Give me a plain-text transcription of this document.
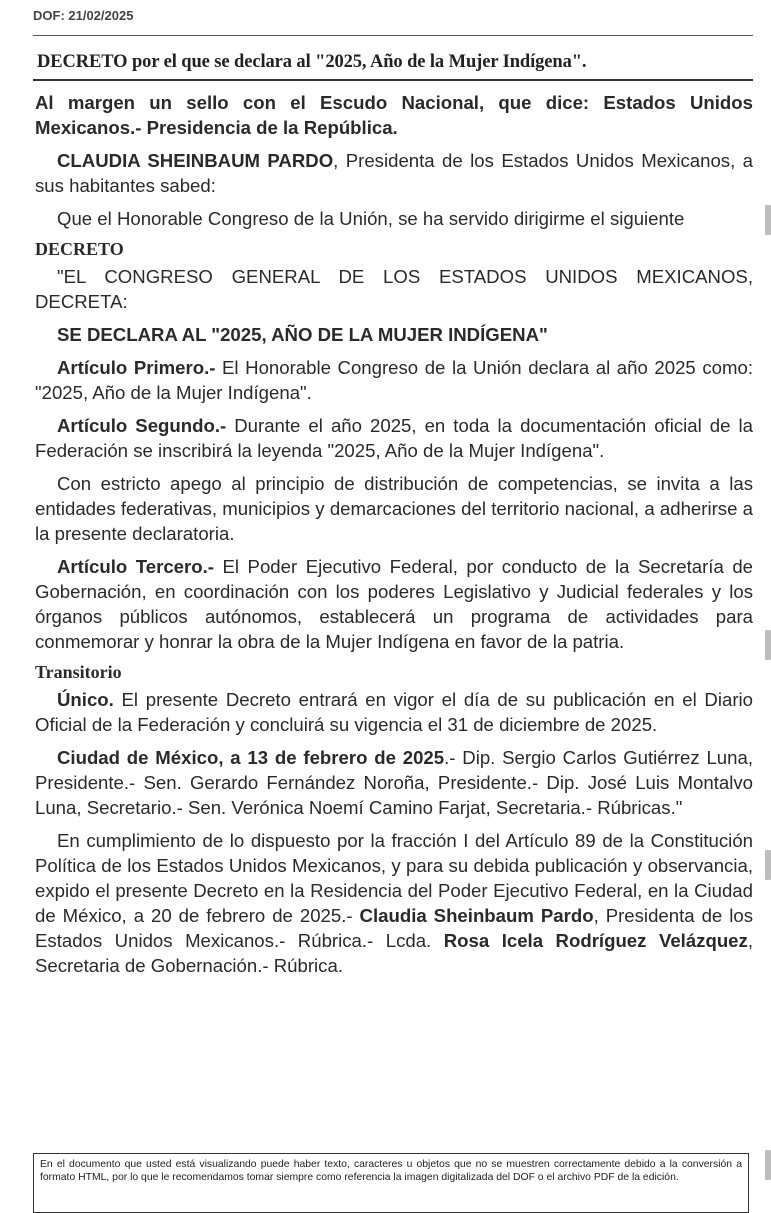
DOF: 21/02/2025
DECRETO por el que se declara al "2025, Año de la Mujer Indígena".

Al margen un sello con el Escudo Nacional, que dice: Estados Unidos Mexicanos.- Presidencia de la República.

CLAUDIA SHEINBAUM PARDO, Presidenta de los Estados Unidos Mexicanos, a sus habitantes sabed:

Que el Honorable Congreso de la Unión, se ha servido dirigirme el siguiente

DECRETO

"EL CONGRESO GENERAL DE LOS ESTADOS UNIDOS MEXICANOS, DECRETA:

SE DECLARA AL "2025, AÑO DE LA MUJER INDÍGENA"

Artículo Primero.- El Honorable Congreso de la Unión declara al año 2025 como: "2025, Año de la Mujer Indígena".

Artículo Segundo.- Durante el año 2025, en toda la documentación oficial de la Federación se inscribirá la leyenda "2025, Año de la Mujer Indígena".

Con estricto apego al principio de distribución de competencias, se invita a las entidades federativas, municipios y demarcaciones del territorio nacional, a adherirse a la presente declaratoria.

Artículo Tercero.- El Poder Ejecutivo Federal, por conducto de la Secretaría de Gobernación, en coordinación con los poderes Legislativo y Judicial federales y los órganos públicos autónomos, establecerá un programa de actividades para conmemorar y honrar la obra de la Mujer Indígena en favor de la patria.

Transitorio

Único. El presente Decreto entrará en vigor el día de su publicación en el Diario Oficial de la Federación y concluirá su vigencia el 31 de diciembre de 2025.

Ciudad de México, a 13 de febrero de 2025.- Dip. Sergio Carlos Gutiérrez Luna, Presidente.- Sen. Gerardo Fernández Noroña, Presidente.- Dip. José Luis Montalvo Luna, Secretario.- Sen. Verónica Noemí Camino Farjat, Secretaria.- Rúbricas."

En cumplimiento de lo dispuesto por la fracción I del Artículo 89 de la Constitución Política de los Estados Unidos Mexicanos, y para su debida publicación y observancia, expido el presente Decreto en la Residencia del Poder Ejecutivo Federal, en la Ciudad de México, a 20 de febrero de 2025.- Claudia Sheinbaum Pardo, Presidenta de los Estados Unidos Mexicanos.- Rúbrica.- Lcda. Rosa Icela Rodríguez Velázquez, Secretaria de Gobernación.- Rúbrica.

En el documento que usted está visualizando puede haber texto, caracteres u objetos que no se muestren correctamente debido a la conversión a formato HTML, por lo que le recomendamos tomar siempre como referencia la imagen digitalizada del DOF o el archivo PDF de la edición.
